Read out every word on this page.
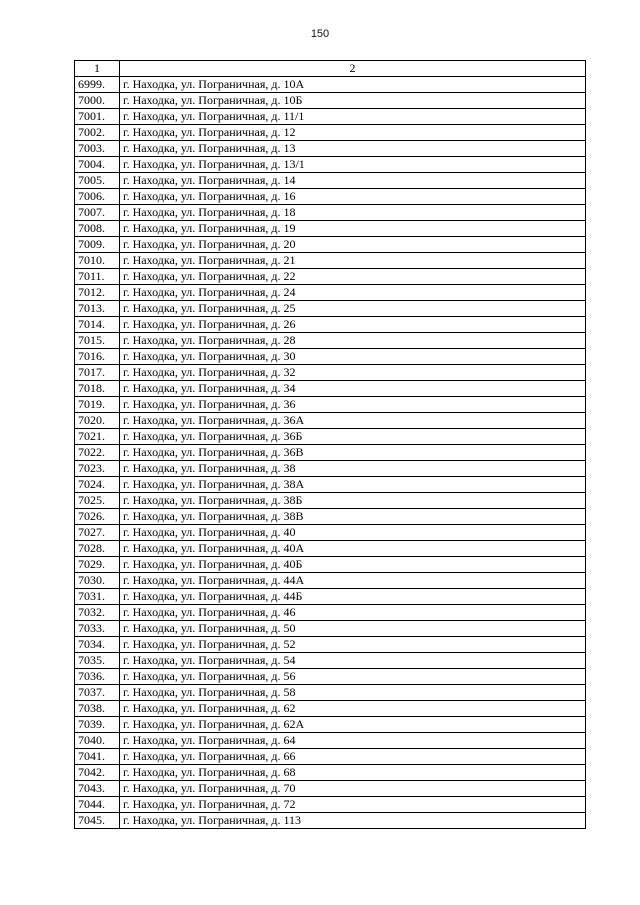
150
1	2
6999.	г. Находка, ул. Пограничная, д. 10А
7000.	г. Находка, ул. Пограничная, д. 10Б
7001.	г. Находка, ул. Пограничная, д. 11/1
7002.	г. Находка, ул. Пограничная, д. 12
7003.	г. Находка, ул. Пограничная, д. 13
7004.	г. Находка, ул. Пограничная, д. 13/1
7005.	г. Находка, ул. Пограничная, д. 14
7006.	г. Находка, ул. Пограничная, д. 16
7007.	г. Находка, ул. Пограничная, д. 18
7008.	г. Находка, ул. Пограничная, д. 19
7009.	г. Находка, ул. Пограничная, д. 20
7010.	г. Находка, ул. Пограничная, д. 21
7011.	г. Находка, ул. Пограничная, д. 22
7012.	г. Находка, ул. Пограничная, д. 24
7013.	г. Находка, ул. Пограничная, д. 25
7014.	г. Находка, ул. Пограничная, д. 26
7015.	г. Находка, ул. Пограничная, д. 28
7016.	г. Находка, ул. Пограничная, д. 30
7017.	г. Находка, ул. Пограничная, д. 32
7018.	г. Находка, ул. Пограничная, д. 34
7019.	г. Находка, ул. Пограничная, д. 36
7020.	г. Находка, ул. Пограничная, д. 36А
7021.	г. Находка, ул. Пограничная, д. 36Б
7022.	г. Находка, ул. Пограничная, д. 36В
7023.	г. Находка, ул. Пограничная, д. 38
7024.	г. Находка, ул. Пограничная, д. 38А
7025.	г. Находка, ул. Пограничная, д. 38Б
7026.	г. Находка, ул. Пограничная, д. 38В
7027.	г. Находка, ул. Пограничная, д. 40
7028.	г. Находка, ул. Пограничная, д. 40А
7029.	г. Находка, ул. Пограничная, д. 40Б
7030.	г. Находка, ул. Пограничная, д. 44А
7031.	г. Находка, ул. Пограничная, д. 44Б
7032.	г. Находка, ул. Пограничная, д. 46
7033.	г. Находка, ул. Пограничная, д. 50
7034.	г. Находка, ул. Пограничная, д. 52
7035.	г. Находка, ул. Пограничная, д. 54
7036.	г. Находка, ул. Пограничная, д. 56
7037.	г. Находка, ул. Пограничная, д. 58
7038.	г. Находка, ул. Пограничная, д. 62
7039.	г. Находка, ул. Пограничная, д. 62А
7040.	г. Находка, ул. Пограничная, д. 64
7041.	г. Находка, ул. Пограничная, д. 66
7042.	г. Находка, ул. Пограничная, д. 68
7043.	г. Находка, ул. Пограничная, д. 70
7044.	г. Находка, ул. Пограничная, д. 72
7045.	г. Находка, ул. Пограничная, д. 113
